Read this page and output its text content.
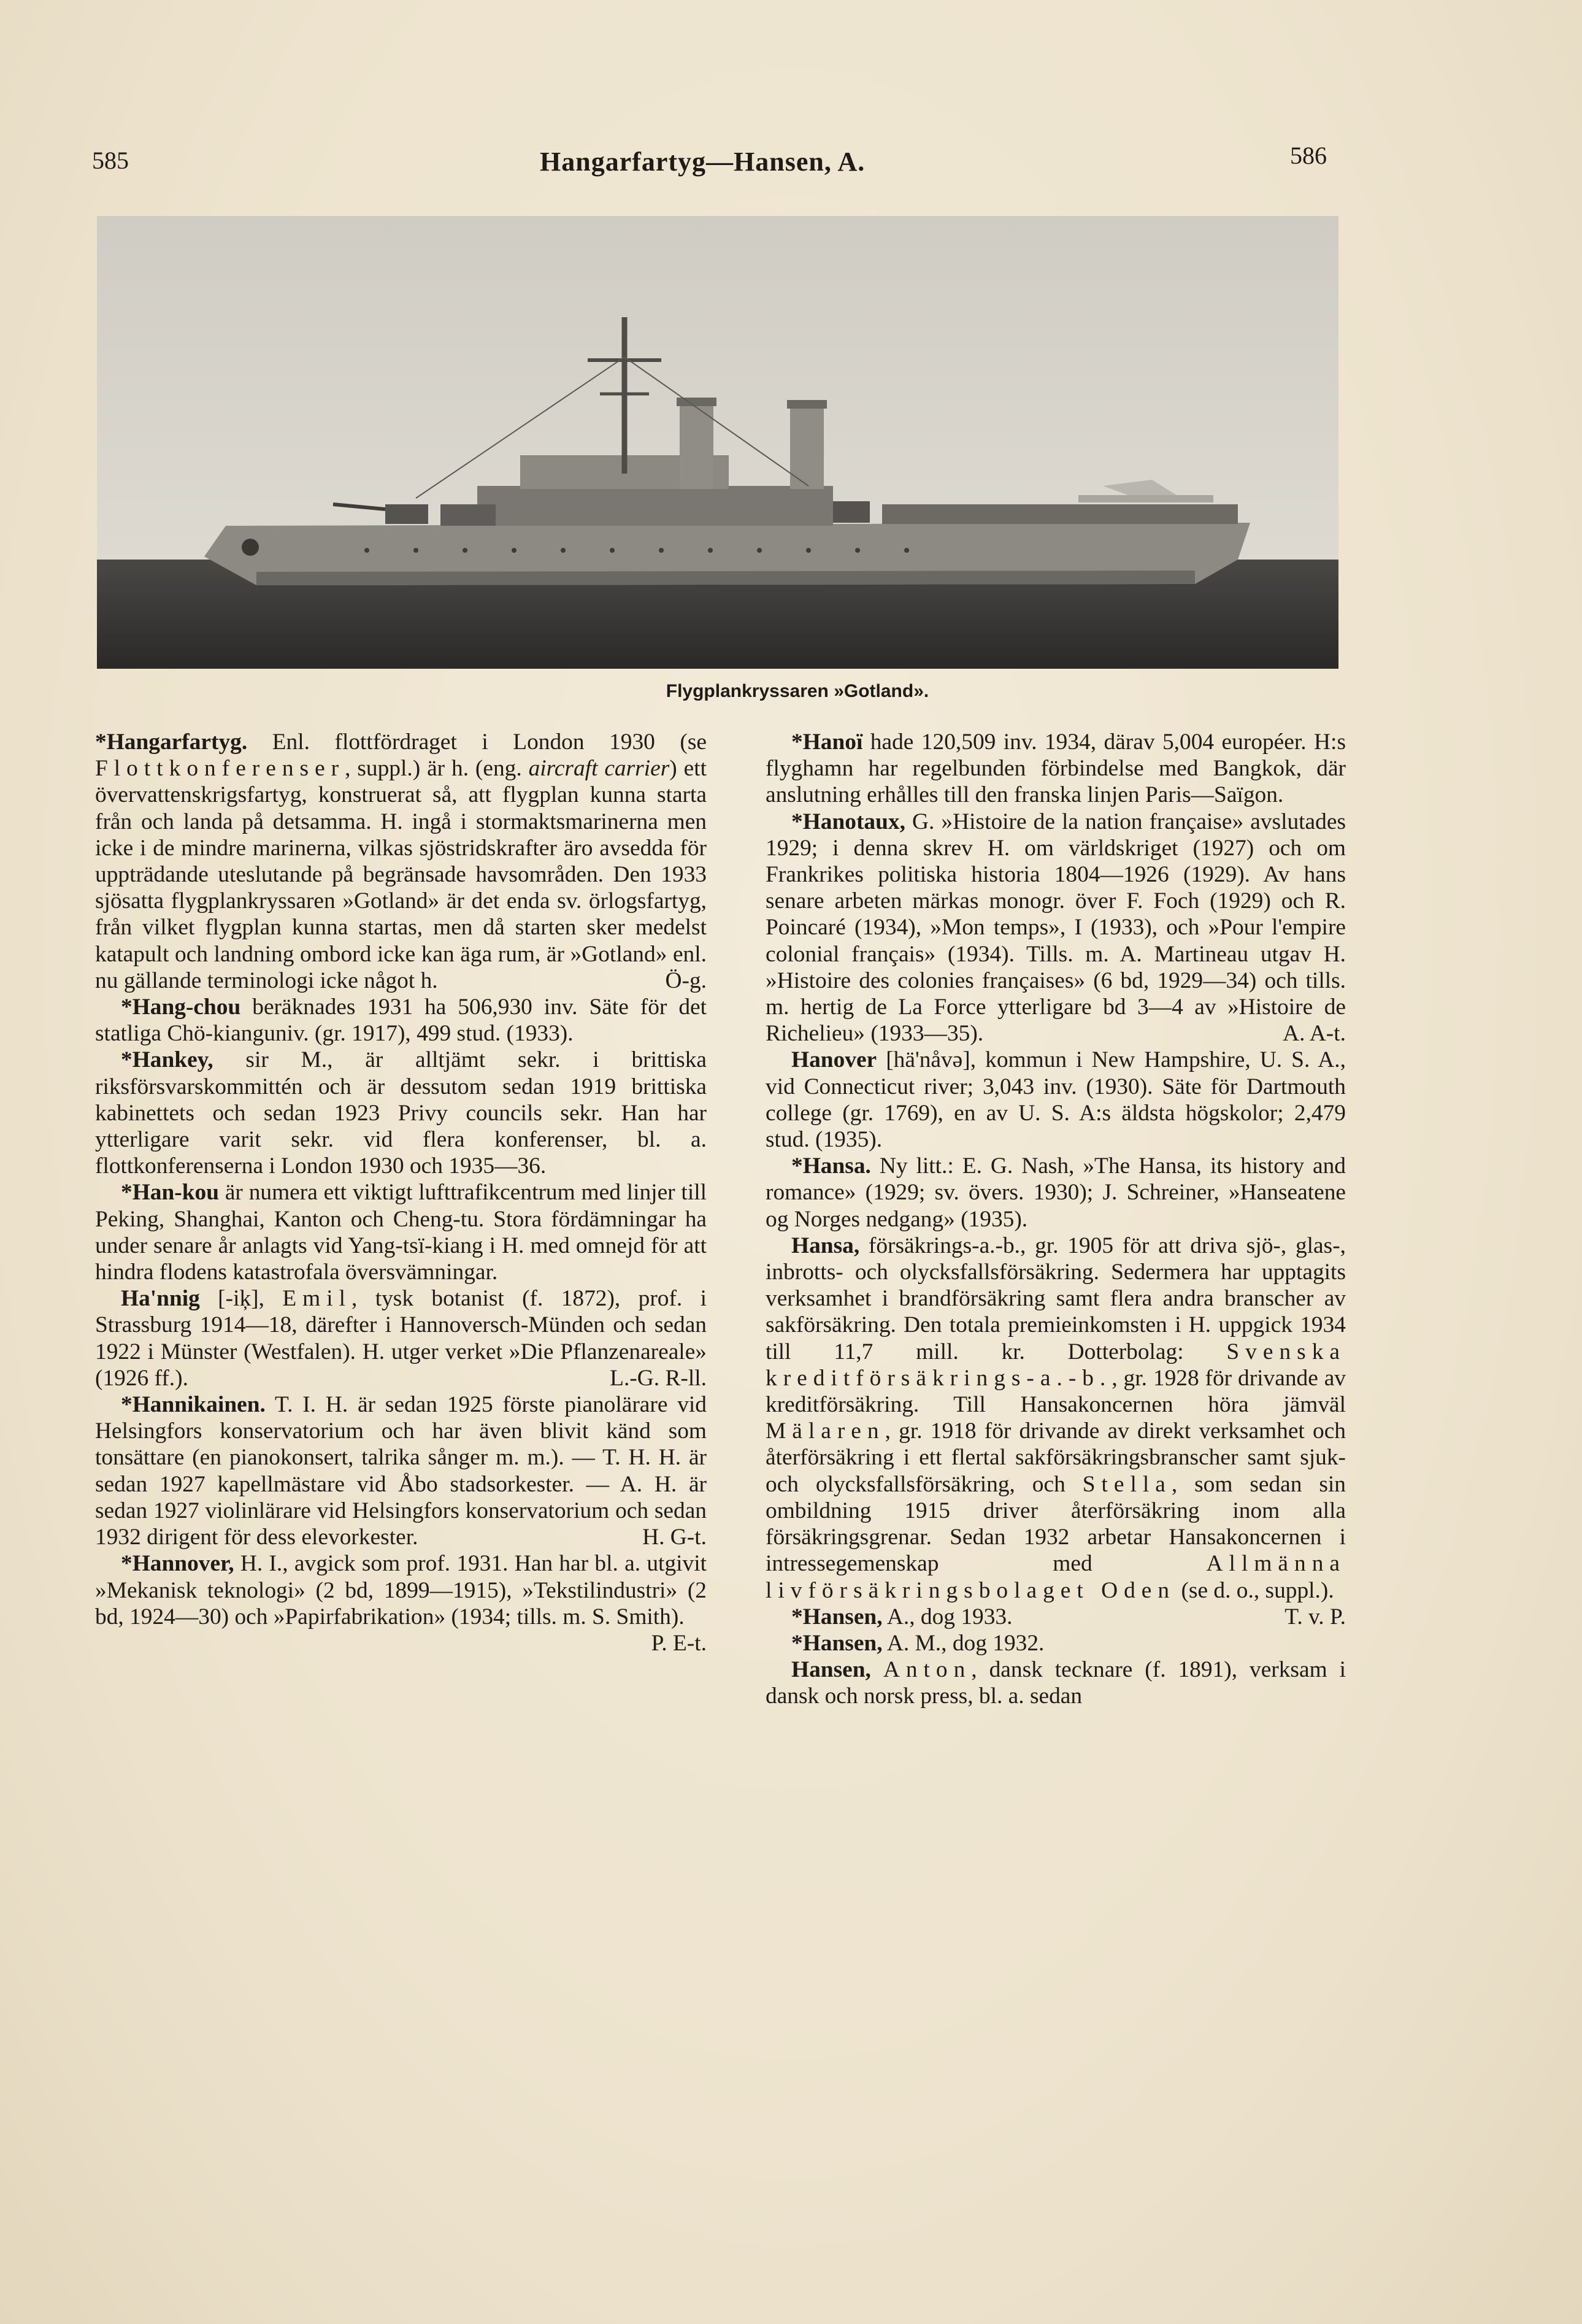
585	Hangarfartyg—Hansen, A.	586
Flygplankryssaren »Gotland».

*Hangarfartyg. Enl. flottfördraget i London 1930 (se Flottkonferenser, suppl.) är h. (eng. aircraft carrier) ett övervattenskrigsfartyg, konstruerat så, att flygplan kunna starta från och landa på detsamma. H. ingå i stormaktsmarinerna men icke i de mindre marinerna, vilkas sjöstridskrafter äro avsedda för uppträdande uteslutande på begränsade havsområden. Den 1933 sjösatta flygplankryssaren »Gotland» är det enda sv. örlogsfartyg, från vilket flygplan kunna startas, men då starten sker medelst katapult och landning ombord icke kan äga rum, är »Gotland» enl. nu gällande terminologi icke något h.	Ö-g.

*Hang-chou beräknades 1931 ha 506,930 inv. Säte för det statliga Chö-kianguniv. (gr. 1917), 499 stud. (1933).

*Hankey, sir M., är alltjämt sekr. i brittiska riksförsvarskommittén och är dessutom sedan 1919 brittiska kabinettets och sedan 1923 Privy councils sekr. Han har ytterligare varit sekr. vid flera konferenser, bl. a. flottkonferenserna i London 1930 och 1935—36.

*Han-kou är numera ett viktigt lufttrafikcentrum med linjer till Peking, Shanghai, Kanton och Cheng-tu. Stora fördämningar ha under senare år anlagts vid Yang-tsï-kiang i H. med omnejd för att hindra flodens katastrofala översvämningar.

Ha'nnig [-iķ], Emil, tysk botanist (f. 1872), prof. i Strassburg 1914—18, därefter i Hannoversch-Münden och sedan 1922 i Münster (Westfalen). H. utger verket »Die Pflanzenareale» (1926 ff.).	L.-G. R-ll.

*Hannikainen. T. I. H. är sedan 1925 förste pianolärare vid Helsingfors konservatorium och har även blivit känd som tonsättare (en pianokonsert, talrika sånger m. m.). — T. H. H. är sedan 1927 kapellmästare vid Åbo stadsorkester. — A. H. är sedan 1927 violinlärare vid Helsingfors konservatorium och sedan 1932 dirigent för dess elevorkester.	H. G-t.

*Hannover, H. I., avgick som prof. 1931. Han har bl. a. utgivit »Mekanisk teknologi» (2 bd, 1899—1915), »Tekstilindustri» (2 bd, 1924—30) och »Papirfabrikation» (1934; tills. m. S. Smith).
P. E-t.

*Hanoï hade 120,509 inv. 1934, därav 5,004 européer. H:s flyghamn har regelbunden förbindelse med Bangkok, där anslutning erhålles till den franska linjen Paris—Saïgon.

*Hanotaux, G. »Histoire de la nation française» avslutades 1929; i denna skrev H. om världskriget (1927) och om Frankrikes politiska historia 1804—1926 (1929). Av hans senare arbeten märkas monogr. över F. Foch (1929) och R. Poincaré (1934), »Mon temps», I (1933), och »Pour l'empire colonial français» (1934). Tills. m. A. Martineau utgav H. »Histoire des colonies françaises» (6 bd, 1929—34) och tills. m. hertig de La Force ytterligare bd 3—4 av »Histoire de Richelieu» (1933—35).	A. A-t.

Hanover [hä'nåvə], kommun i New Hampshire, U. S. A., vid Connecticut river; 3,043 inv. (1930). Säte för Dartmouth college (gr. 1769), en av U. S. A:s äldsta högskolor; 2,479 stud. (1935).

*Hansa. Ny litt.: E. G. Nash, »The Hansa, its history and romance» (1929; sv. övers. 1930); J. Schreiner, »Hanseatene og Norges nedgang» (1935).

Hansa, försäkrings-a.-b., gr. 1905 för att driva sjö-, glas-, inbrotts- och olycksfallsförsäkring. Sedermera har upptagits verksamhet i brandförsäkring samt flera andra branscher av sakförsäkring. Den totala premieinkomsten i H. uppgick 1934 till 11,7 mill. kr. Dotterbolag: Svenska kreditförsäkrings-a.-b., gr. 1928 för drivande av kreditförsäkring. Till Hansakoncernen höra jämväl Mälaren, gr. 1918 för drivande av direkt verksamhet och återförsäkring i ett flertal sakförsäkringsbranscher samt sjuk- och olycksfallsförsäkring, och Stella, som sedan sin ombildning 1915 driver återförsäkring inom alla försäkringsgrenar. Sedan 1932 arbetar Hansakoncernen i intressegemenskap med Allmänna livförsäkringsbolaget Oden (se d. o., suppl.).
T. v. P.

*Hansen, A., dog 1933.

*Hansen, A. M., dog 1932.

Hansen, Anton, dansk tecknare (f. 1891), verksam i dansk och norsk press, bl. a. sedan
